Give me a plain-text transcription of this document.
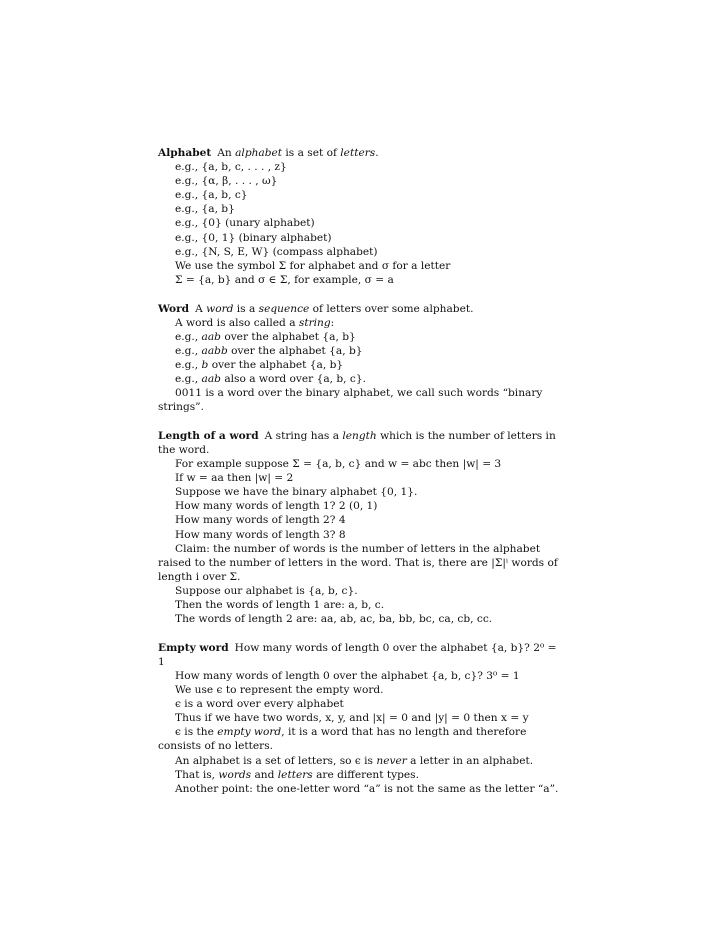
Alphabet An alphabet is a set of letters.

e.g., {a, b, c, . . . , z}

e.g., {α, β, . . . , ω}

e.g., {a, b, c}

e.g., {a, b}

e.g., {0} (unary alphabet)

e.g., {0, 1} (binary alphabet)

e.g., {N, S, E, W} (compass alphabet)

We use the symbol Σ for alphabet and σ for a letter

Σ = {a, b} and σ ∈ Σ, for example, σ = a

Word A word is a sequence of letters over some alphabet.

A word is also called a string:

e.g., aab over the alphabet {a, b}

e.g., aabb over the alphabet {a, b}

e.g., b over the alphabet {a, b}

e.g., aab also a word over {a, b, c}.

0011 is a word over the binary alphabet, we call such words “binary strings”.

Length of a word A string has a length which is the number of letters in the word.

For example suppose Σ = {a, b, c} and w = abc then |w| = 3

If w = aa then |w| = 2

Suppose we have the binary alphabet {0, 1}.

How many words of length 1? 2 (0, 1)

How many words of length 2? 4

How many words of length 3? 8

Claim: the number of words is the number of letters in the alphabet raised to the number of letters in the word. That is, there are |Σ|ⁱ words of length i over Σ.

Suppose our alphabet is {a, b, c}.

Then the words of length 1 are: a, b, c.

The words of length 2 are: aa, ab, ac, ba, bb, bc, ca, cb, cc.

Empty word How many words of length 0 over the alphabet {a, b}? 2⁰ = 1

How many words of length 0 over the alphabet {a, b, c}? 3⁰ = 1

We use ϵ to represent the empty word.

ϵ is a word over every alphabet

Thus if we have two words, x, y, and |x| = 0 and |y| = 0 then x = y

ϵ is the empty word, it is a word that has no length and therefore consists of no letters.

An alphabet is a set of letters, so ϵ is never a letter in an alphabet.

That is, words and letters are different types.

Another point: the one-letter word “a” is not the same as the letter “a”.
